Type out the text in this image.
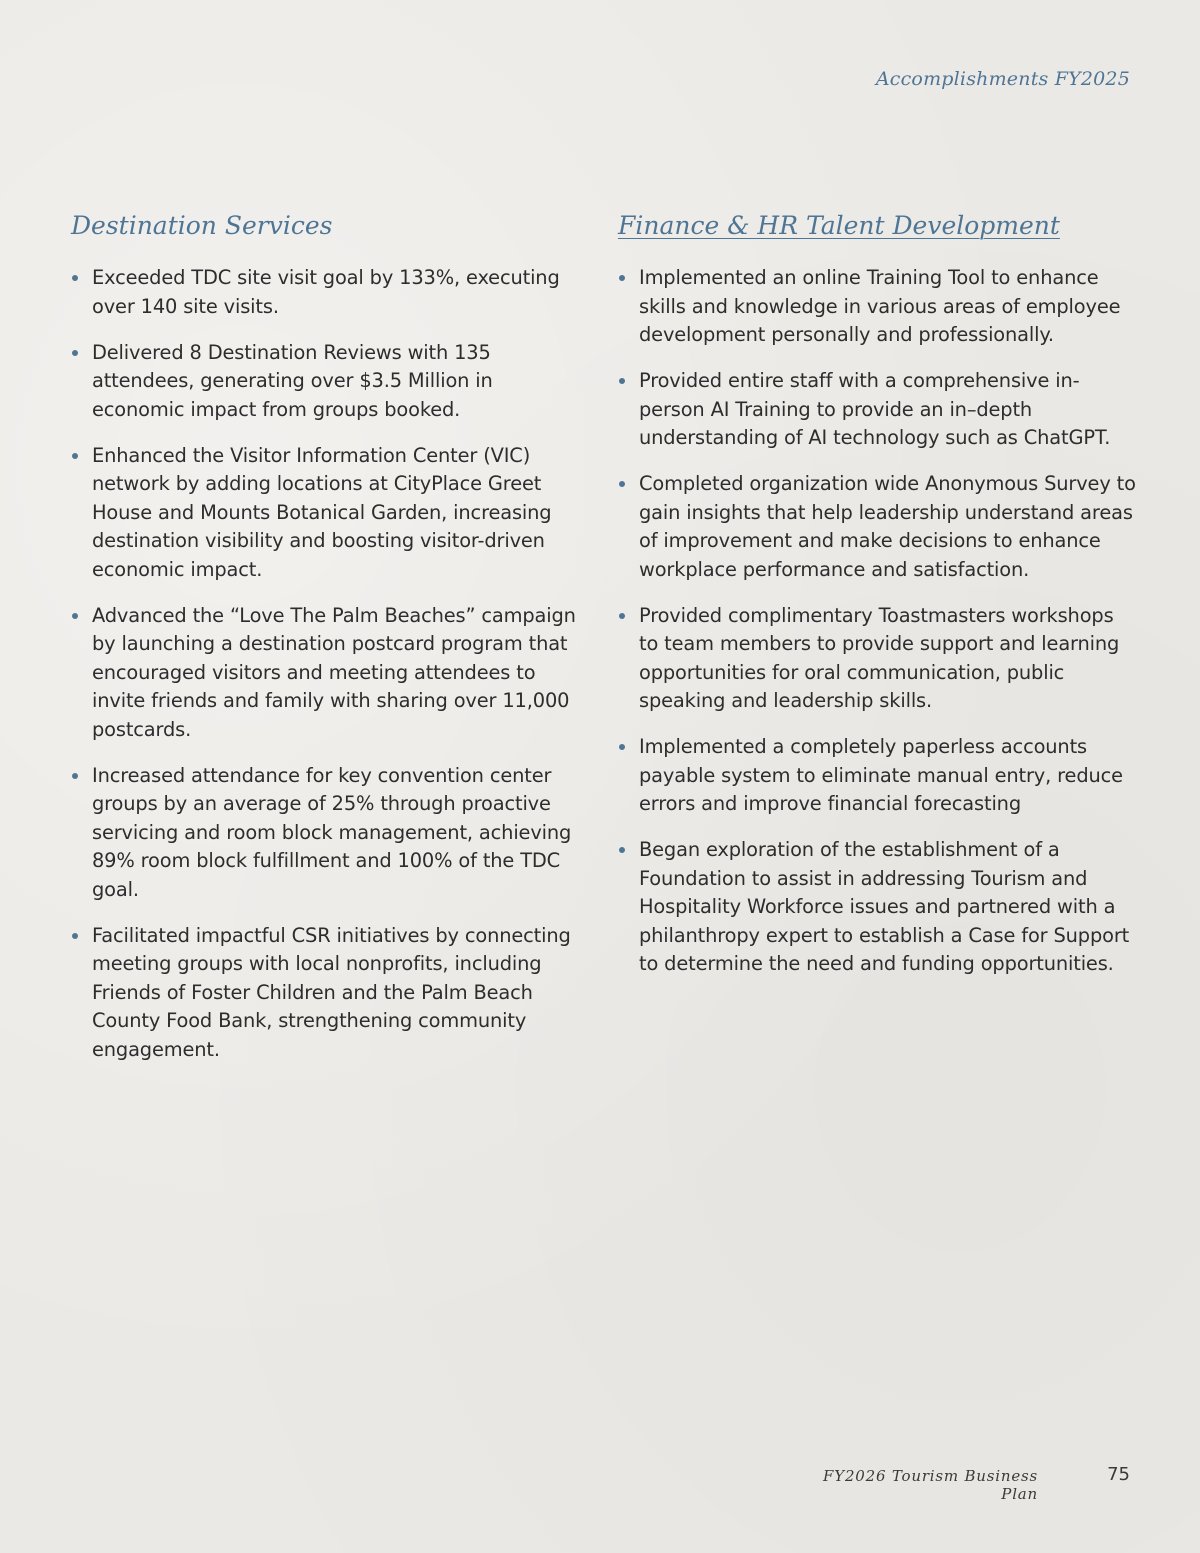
Accomplishments FY2025
Destination Services
Exceeded TDC site visit goal by 133%, executing over 140 site visits.
Delivered 8 Destination Reviews with 135 attendees, generating over $3.5 Million in economic impact from groups booked.
Enhanced the Visitor Information Center (VIC) network by adding locations at CityPlace Greet House and Mounts Botanical Garden, increasing destination visibility and boosting visitor-driven economic impact.
Advanced the “Love The Palm Beaches” campaign by launching a destination postcard program that encouraged visitors and meeting attendees to invite friends and family with sharing over 11,000 postcards.
Increased attendance for key convention center groups by an average of 25% through proactive servicing and room block management, achieving 89% room block fulfillment and 100% of the TDC goal.
Facilitated impactful CSR initiatives by connecting meeting groups with local nonprofits, including Friends of Foster Children and the Palm Beach County Food Bank, strengthening community engagement.
Finance & HR Talent Development
Implemented an online Training Tool to enhance skills and knowledge in various areas of employee development personally and professionally.
Provided entire staff with a comprehensive in-person AI Training to provide an in–depth understanding of AI technology such as ChatGPT.
Completed organization wide Anonymous Survey to gain insights that help leadership understand areas of improvement and make decisions to enhance workplace performance and satisfaction.
Provided complimentary Toastmasters workshops to team members to provide support and learning opportunities for oral communication, public speaking and leadership skills.
Implemented a completely paperless accounts payable system to eliminate manual entry, reduce errors and improve financial forecasting
Began exploration of the establishment of a Foundation to assist in addressing Tourism and Hospitality Workforce issues and partnered with a philanthropy expert to establish a Case for Support to determine the need and funding opportunities.
FY2026 Tourism Business Plan
75
